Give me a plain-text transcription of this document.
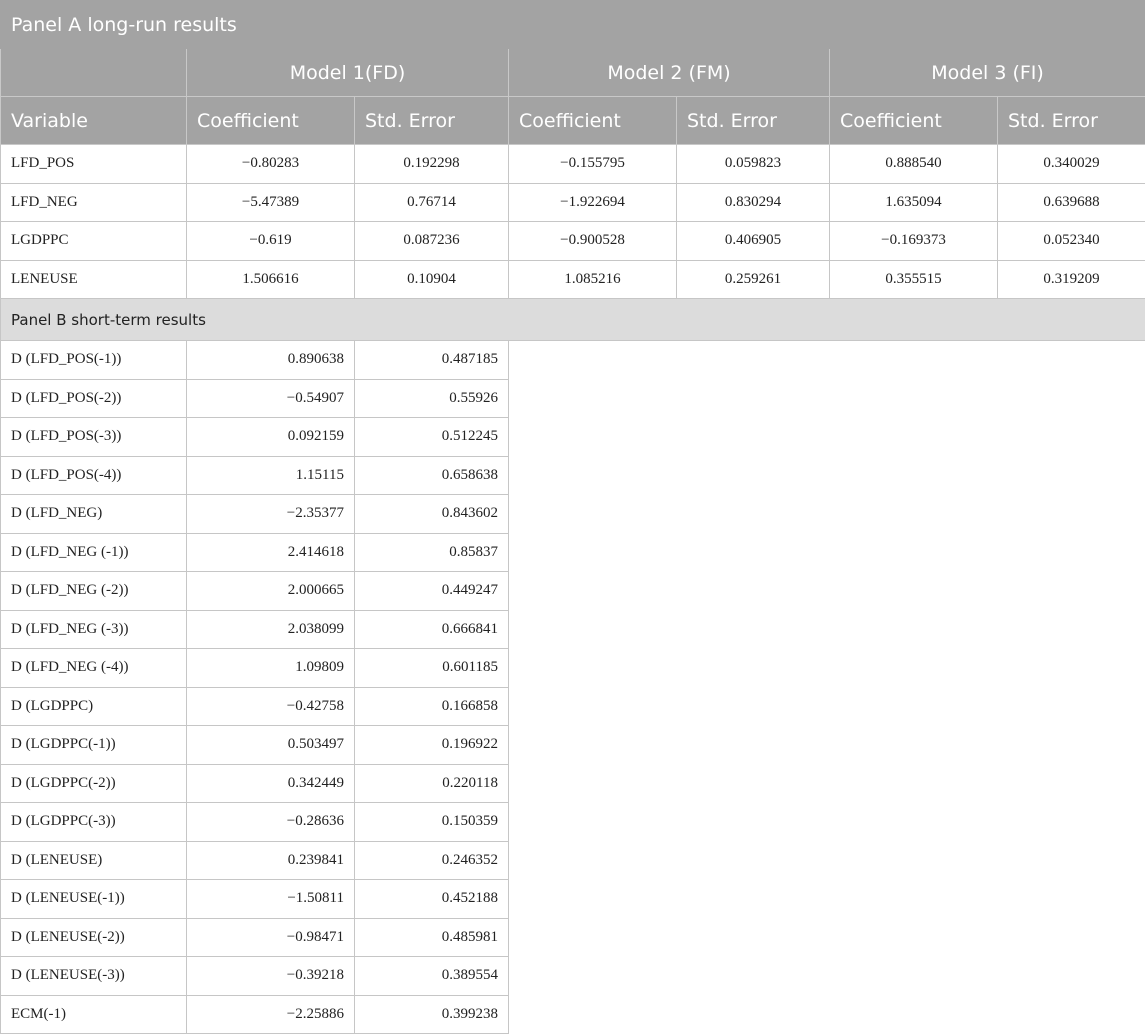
Panel A long-run results						
	Model 1(FD)		Model 2 (FM)		Model 3 (FI)	
Variable	Coefficient	Std. Error	Coefficient	Std. Error	Coefficient	Std. Error
LFD_POS	−0.80283	0.192298	−0.155795	0.059823	0.888540	0.340029
LFD_NEG	−5.47389	0.76714	−1.922694	0.830294	1.635094	0.639688
LGDPPC	−0.619	0.087236	−0.900528	0.406905	−0.169373	0.052340
LENEUSE	1.506616	0.10904	1.085216	0.259261	0.355515	0.319209
Panel B short-term results						
D (LFD_POS(-1))	0.890638	0.487185				
D (LFD_POS(-2))	−0.54907	0.55926				
D (LFD_POS(-3))	0.092159	0.512245				
D (LFD_POS(-4))	1.15115	0.658638				
D (LFD_NEG)	−2.35377	0.843602				
D (LFD_NEG (-1))	2.414618	0.85837				
D (LFD_NEG (-2))	2.000665	0.449247				
D (LFD_NEG (-3))	2.038099	0.666841				
D (LFD_NEG (-4))	1.09809	0.601185				
D (LGDPPC)	−0.42758	0.166858				
D (LGDPPC(-1))	0.503497	0.196922				
D (LGDPPC(-2))	0.342449	0.220118				
D (LGDPPC(-3))	−0.28636	0.150359				
D (LENEUSE)	0.239841	0.246352				
D (LENEUSE(-1))	−1.50811	0.452188				
D (LENEUSE(-2))	−0.98471	0.485981				
D (LENEUSE(-3))	−0.39218	0.389554				
ECM(-1)	−2.25886	0.399238				
